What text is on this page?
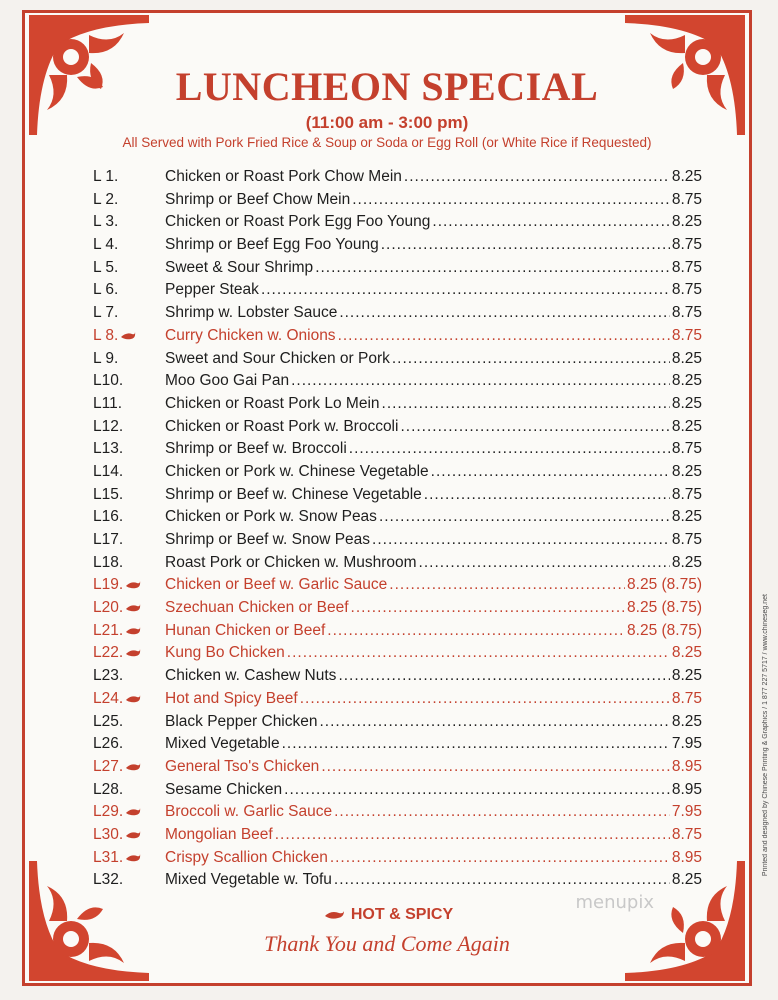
LUNCHEON SPECIAL
(11:00 am - 3:00 pm)
All Served with Pork Fried Rice & Soup or Soda or Egg Roll (or White Rice if Requested)
L 1.	Chicken or Roast Pork Chow Mein .....	8.25
L 2.	Shrimp or Beef Chow Mein .....	8.75
L 3.	Chicken or Roast Pork Egg Foo Young .....	8.25
L 4.	Shrimp or Beef Egg Foo Young .....	8.75
L 5.	Sweet & Sour Shrimp .....	8.75
L 6.	Pepper Steak .....	8.75
L 7.	Shrimp w. Lobster Sauce .....	8.75
L 8.	Curry Chicken w. Onions .....	8.75
L 9.	Sweet and Sour Chicken or Pork .....	8.25
L10.	Moo Goo Gai Pan .....	8.25
L11.	Chicken or Roast Pork Lo Mein .....	8.25
L12.	Chicken or Roast Pork w. Broccoli .....	8.25
L13.	Shrimp or Beef w. Broccoli .....	8.75
L14.	Chicken or Pork w. Chinese Vegetable .....	8.25
L15.	Shrimp or Beef w. Chinese Vegetable .....	8.75
L16.	Chicken or Pork w. Snow Peas .....	8.25
L17.	Shrimp or Beef w. Snow Peas .....	8.75
L18.	Roast Pork or Chicken w. Mushroom .....	8.25
L19.	Chicken or Beef w. Garlic Sauce .....	8.25 (8.75)
L20.	Szechuan Chicken or Beef .....	8.25 (8.75)
L21.	Hunan Chicken or Beef .....	8.25 (8.75)
L22.	Kung Bo Chicken .....	8.25
L23.	Chicken w. Cashew Nuts .....	8.25
L24.	Hot and Spicy Beef .....	8.75
L25.	Black Pepper Chicken .....	8.25
L26.	Mixed Vegetable .....	7.95
L27.	General Tso's Chicken .....	8.95
L28.	Sesame Chicken .....	8.95
L29.	Broccoli w. Garlic Sauce .....	7.95
L30.	Mongolian Beef .....	8.75
L31.	Crispy Scallion Chicken .....	8.95
L32.	Mixed Vegetable w. Tofu .....	8.25
HOT & SPICY
Thank You and Come Again
menupix
Printed and designed by Chinese Printing & Graphics / 1 877 227 5717 / www.chineseg.net
